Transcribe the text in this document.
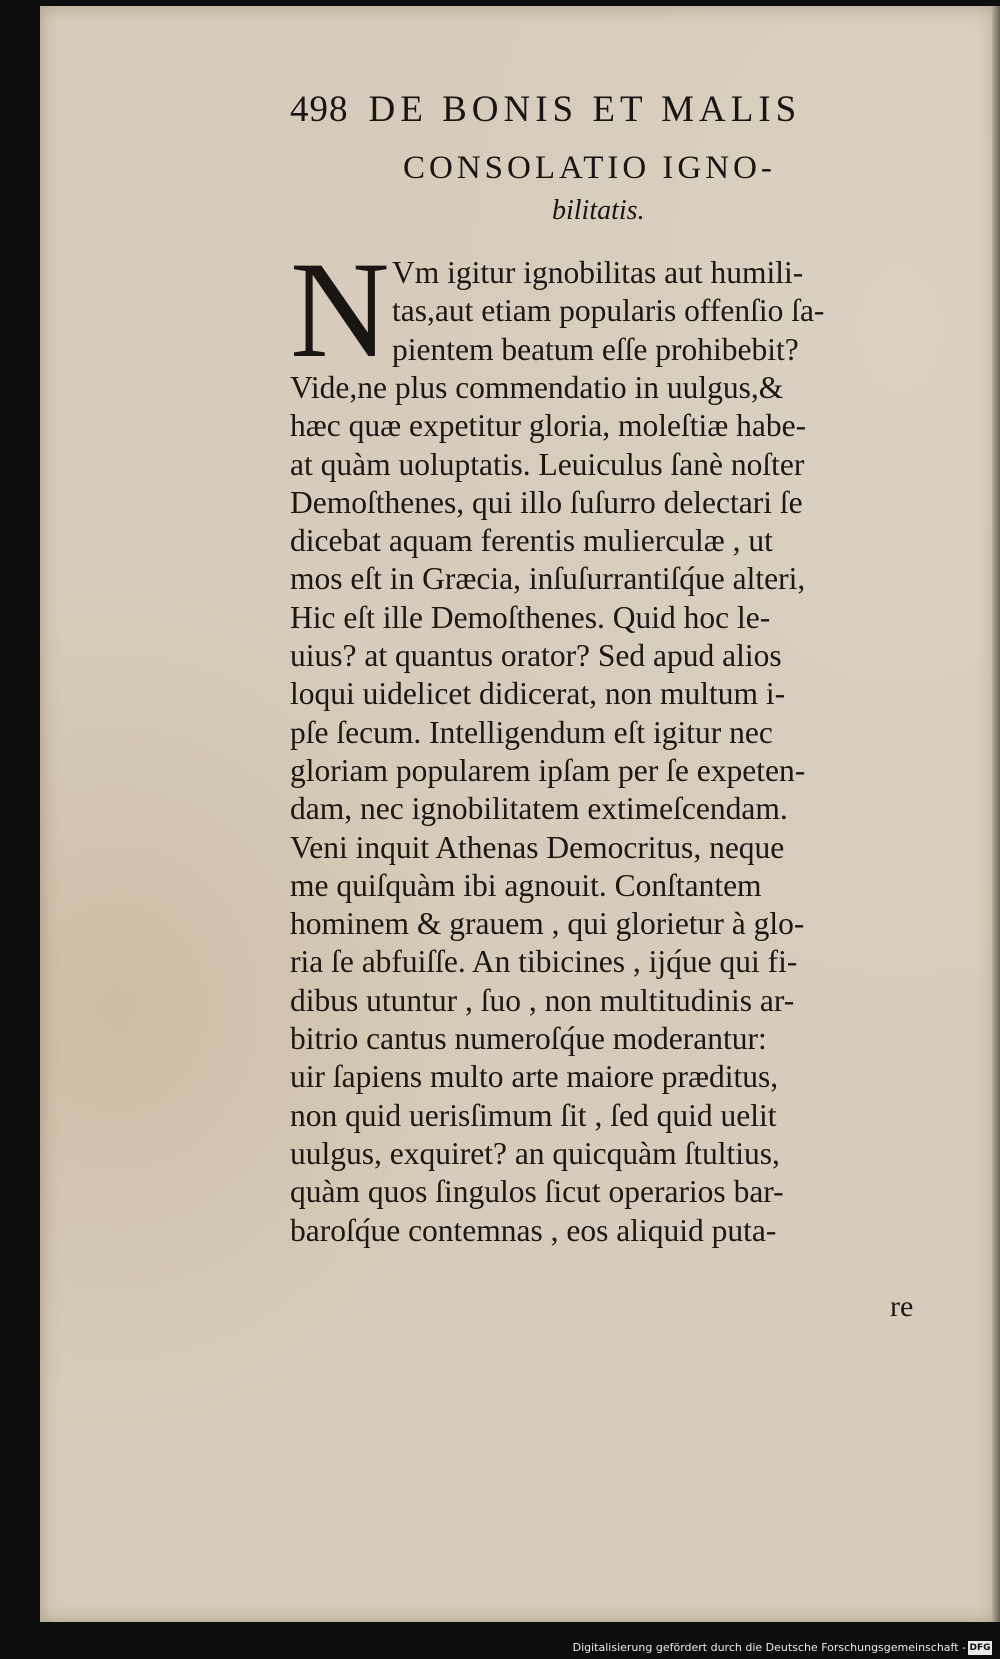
498 DE BONIS ET MALIS
CONSOLATIO IGNO-
bilitatis.
N Vm igitur ignobilitas aut humili-
tas,aut etiam popularis offenſio ſa-
pientem beatum eſſe prohibebit?
Vide,ne plus commendatio in uulgus,&
hæc quæ expetitur gloria, moleſtiæ habe-
at quàm uoluptatis. Leuiculus ſanè noſter
Demoſthenes, qui illo ſuſurro delectari ſe
dicebat aquam ferentis mulierculæ , ut
mos eſt in Græcia, inſuſurrantiſq́ue alteri,
Hic eſt ille Demoſthenes. Quid hoc le-
uius? at quantus orator? Sed apud alios
loqui uidelicet didicerat, non multum i-
pſe ſecum. Intelligendum eſt igitur nec
gloriam popularem ipſam per ſe expeten-
dam, nec ignobilitatem extimeſcendam.
Veni inquit Athenas Democritus, neque
me quiſquàm ibi agnouit. Conſtantem
hominem & grauem , qui glorietur à glo-
ria ſe abfuiſſe. An tibicines , ijq́ue qui fi-
dibus utuntur , ſuo , non multitudinis ar-
bitrio cantus numeroſq́ue moderantur:
uir ſapiens multo arte maiore præditus,
non quid uerisſimum ſit , ſed quid uelit
uulgus, exquiret? an quicquàm ſtultius,
quàm quos ſingulos ſicut operarios bar-
baroſq́ue contemnas , eos aliquid puta-
re
Digitalisierung gefördert durch die Deutsche Forschungsgemeinschaft - DFG
